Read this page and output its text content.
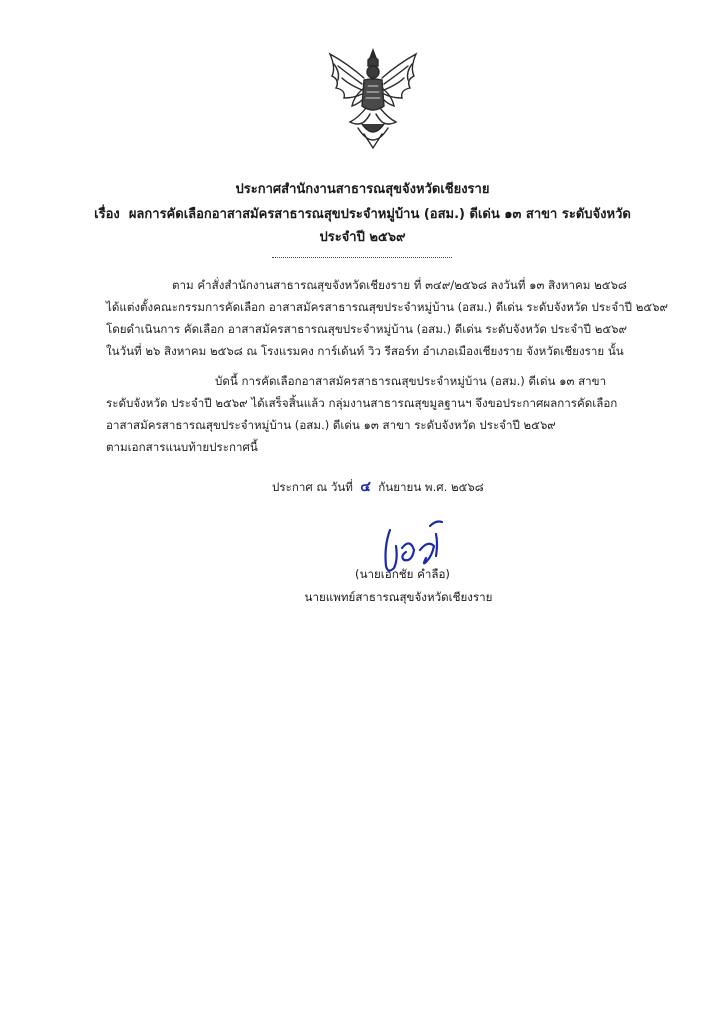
ประกาศสำนักงานสาธารณสุขจังหวัดเชียงราย
เรื่อง ผลการคัดเลือกอาสาสมัครสาธารณสุขประจำหมู่บ้าน (อสม.) ดีเด่น ๑๓ สาขา ระดับจังหวัด
ประจำปี ๒๕๖๙
ตาม คำสั่งสำนักงานสาธารณสุขจังหวัดเชียงราย ที่ ๓๔๙/๒๕๖๘ ลงวันที่ ๑๓ สิงหาคม ๒๕๖๘
ได้แต่งตั้งคณะกรรมการคัดเลือก อาสาสมัครสาธารณสุขประจำหมู่บ้าน (อสม.) ดีเด่น ระดับจังหวัด ประจำปี ๒๕๖๙
โดยดำเนินการ คัดเลือก อาสาสมัครสาธารณสุขประจำหมู่บ้าน (อสม.) ดีเด่น ระดับจังหวัด ประจำปี ๒๕๖๙
ในวันที่ ๒๖ สิงหาคม ๒๕๖๘ ณ โรงแรมคง การ์เด้นท์ วิว รีสอร์ท อำเภอเมืองเชียงราย จังหวัดเชียงราย นั้น
บัดนี้ การคัดเลือกอาสาสมัครสาธารณสุขประจำหมู่บ้าน (อสม.) ดีเด่น ๑๓ สาขา
ระดับจังหวัด ประจำปี ๒๕๖๙ ได้เสร็จสิ้นแล้ว กลุ่มงานสาธารณสุขมูลฐานฯ จึงขอประกาศผลการคัดเลือก
อาสาสมัครสาธารณสุขประจำหมู่บ้าน (อสม.) ดีเด่น ๑๓ สาขา ระดับจังหวัด ประจำปี ๒๕๖๙
ตามเอกสารแนบท้ายประกาศนี้
ประกาศ ณ วันที่ ๔ กันยายน พ.ศ. ๒๕๖๘
(นายเอกชัย คำลือ)
นายแพทย์สาธารณสุขจังหวัดเชียงราย
